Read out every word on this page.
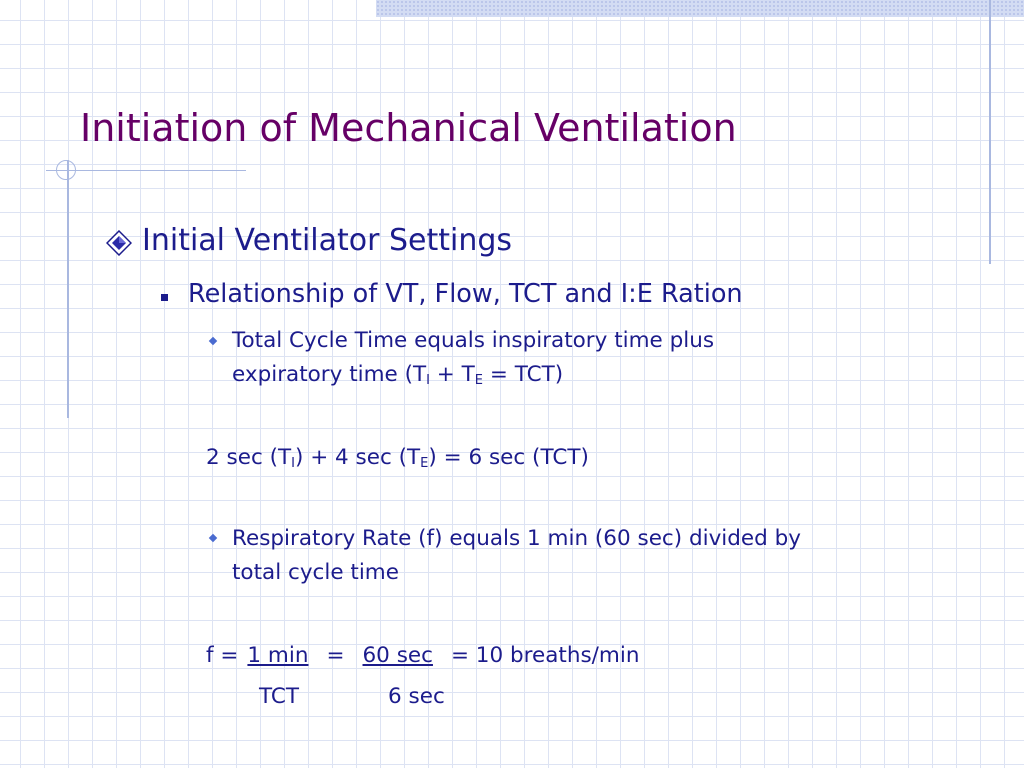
Initiation of Mechanical Ventilation
Initial Ventilator Settings
Relationship of VT, Flow, TCT and I:E Ration
Total Cycle Time equals inspiratory time plus
expiratory time $(T_I + T_E = TCT)$
2 $\sec (T_I) + 4$ $\sec (T_E) = 6$ sec (TCT)
Respiratory Rate (f) equals 1 min (60 sec) divided by
total cycle time
f = 1 min = 60 sec = 10 breaths/min
TCT	6 sec
